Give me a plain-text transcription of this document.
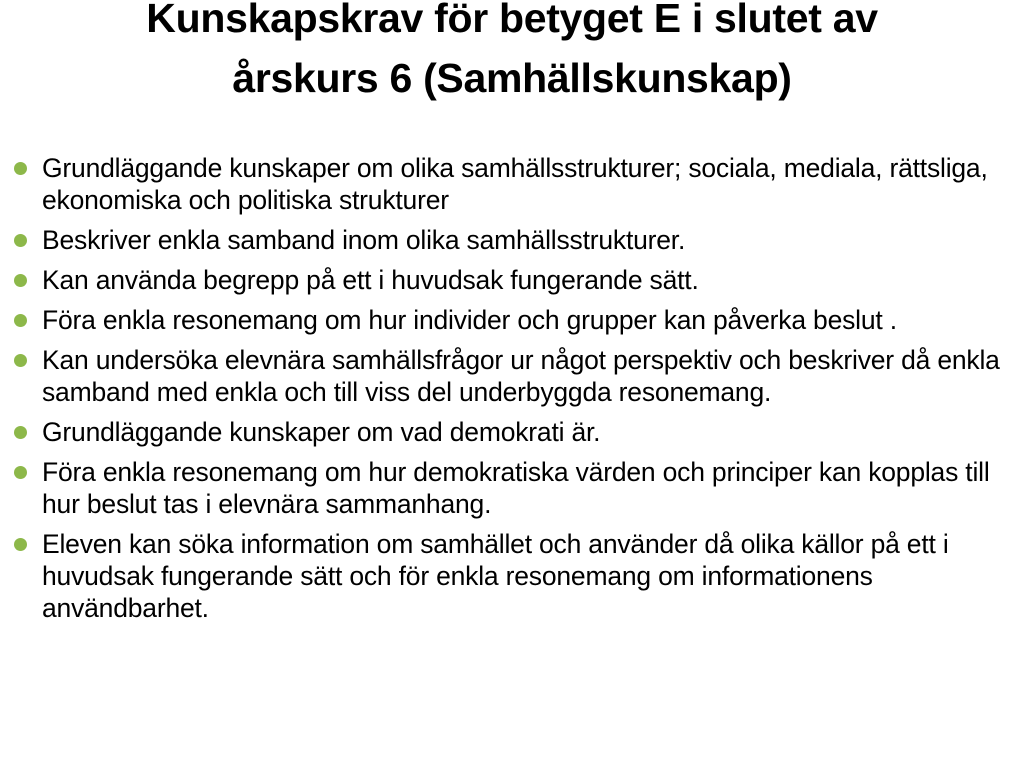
Kunskapskrav för betyget E i slutet av
årskurs 6 (Samhällskunskap)
Grundläggande kunskaper om olika samhällsstrukturer; sociala, mediala, rättsliga, ekonomiska och politiska strukturer
Beskriver enkla samband inom olika samhällsstrukturer.
Kan använda begrepp på ett i huvudsak fungerande sätt.
Föra enkla resonemang om hur individer och grupper kan påverka beslut .
Kan undersöka elevnära samhällsfrågor ur något perspektiv och beskriver då enkla samband med enkla och till viss del underbyggda resonemang.
Grundläggande kunskaper om vad demokrati är.
Föra enkla resonemang om hur demokratiska värden och principer kan kopplas till hur beslut tas i elevnära sammanhang.
Eleven kan söka information om samhället och använder då olika källor på ett i huvudsak fungerande sätt och för enkla resonemang om informationens användbarhet.
